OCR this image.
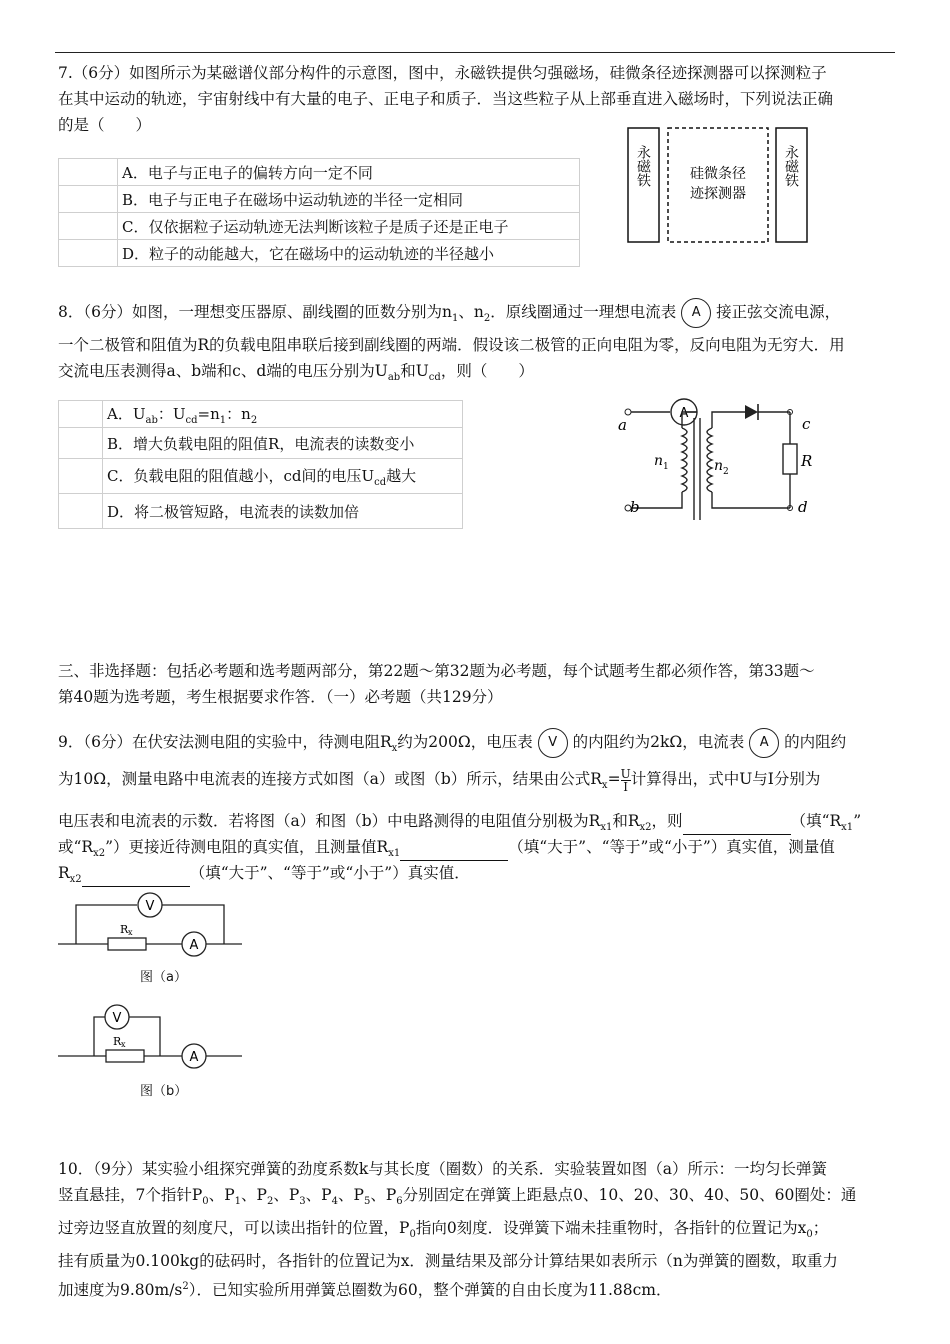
7.（6分）如图所示为某磁谱仪部分构件的示意图，图中，永磁铁提供匀强磁场，硅微条径迹探测器可以探测粒子
在其中运动的轨迹，宇宙射线中有大量的电子、正电子和质子．当这些粒子从上部垂直进入磁场时，下列说法正确
的是（　　）
	A．电子与正电子的偏转方向一定不同
	B．电子与正电子在磁场中运动轨迹的半径一定相同
	C．仅依据粒子运动轨迹无法判断该粒子是质子还是正电子
	D．粒子的动能越大，它在磁场中的运动轨迹的半径越小
永磁铁	硅微条径
迹探测器
永磁铁
8．（6分）如图，一理想变压器原、副线圈的匝数分别为$n_1$、$n_2$．原线圈通过一理想电流表 A 接正弦交流电源，
一个二极管和阻值为R的负载电阻串联后接到副线圈的两端．假设该二极管的正向电阻为零，反向电阻为无穷大．用
交流电压表测得a、b端和c、d端的电压分别为$U_{ab}$和$U_{cd}$，则（　　）
	A．$U_{ab}$：$U_{cd}=n_1$：$n_2$
	B．增大负载电阻的阻值R，电流表的读数变小
	C．负载电阻的阻值越小，cd间的电压$U_{cd}$越大
	D．将二极管短路，电流表的读数加倍
A
a
b
c
d
n 1	n 2
R
三、非选择题：包括必考题和选考题两部分，第22题～第32题为必考题，每个试题考生都必须作答，第33题～
第40题为选考题，考生根据要求作答．（一）必考题（共129分）
9．（6分）在伏安法测电阻的实验中，待测电阻$R_x$约为200Ω，电压表 V 的内阻约为2kΩ，电流表 A 的内阻约
为10Ω，测量电路中电流表的连接方式如图（a）或图（b）所示，结果由公式$R_x= \frac{U}{I}$ 计算得出，式中U与I分别为
电压表和电流表的示数．若将图（a）和图（b）中电路测得的电阻值分别极为$R_{x1}$和$R_{x2}$，则	（填“$R_{x1}$”
或“$R_{x2}$”）更接近待测电阻的真实值，且测量值$R_{x1}$	（填“大于”、“等于”或“小于”）真实值，测量值
$R_{x2}$	（填“大于”、“等于”或“小于”）真实值．
V
R x
A
图（a）
V
R x
A
图（b）
10．（9分）某实验小组探究弹簧的劲度系数k与其长度（圈数）的关系．实验装置如图（a）所示：一均匀长弹簧
竖直悬挂，7个指针$P_0$、$P_1$、$P_2$、$P_3$、$P_4$、$P_5$、$P_6$分别固定在弹簧上距悬点0、10、20、30、40、50、60圈处：通
过旁边竖直放置的刻度尺，可以读出指针的位置，$P_0$指向0刻度．设弹簧下端未挂重物时，各指针的位置记为$x_0$；
挂有质量为0.100kg的砝码时，各指针的位置记为x．测量结果及部分计算结果如表所示（n为弹簧的圈数，取重力
加速度为$9.80m/s^2$）．已知实验所用弹簧总圈数为60，整个弹簧的自由长度为11.88cm．
